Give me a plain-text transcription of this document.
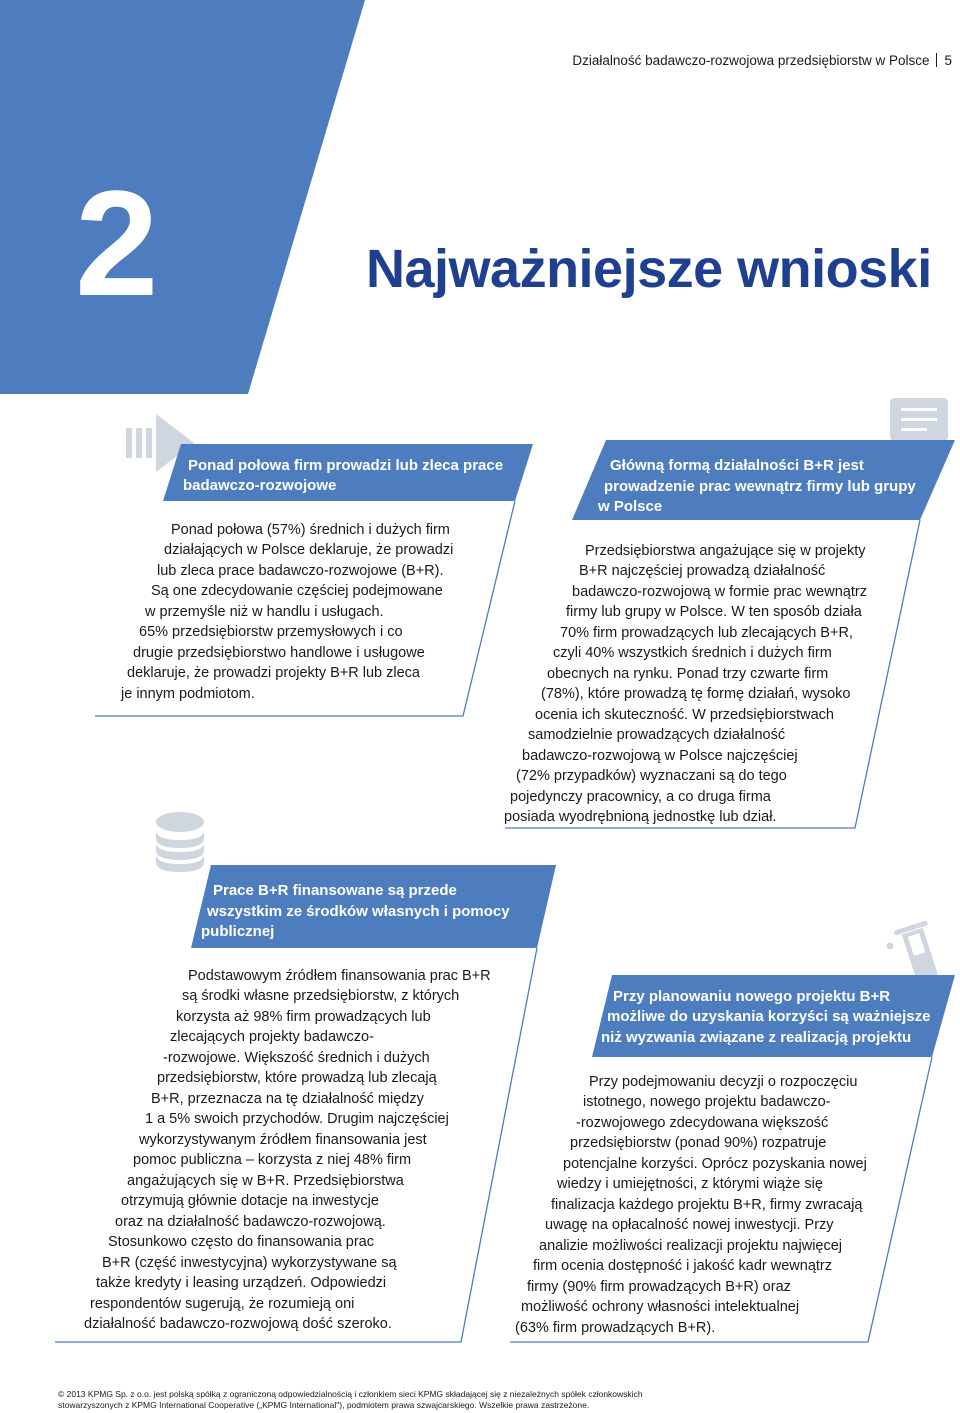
Działalność badawczo-rozwojowa przedsiębiorstw w Polsce 5
2	Najważniejsze wnioski
Ponad połowa firm prowadzi lub zleca prace
badawczo-rozwojowe
Ponad połowa (57%) średnich i dużych firm
działających w Polsce deklaruje, że prowadzi
lub zleca prace badawczo-rozwojowe (B+R).
Są one zdecydowanie częściej podejmowane
w przemyśle niż w handlu i usługach.
65% przedsiębiorstw przemysłowych i co
drugie przedsiębiorstwo handlowe i usługowe
deklaruje, że prowadzi projekty B+R lub zleca
je innym podmiotom.
Główną formą działalności B+R jest
prowadzenie prac wewnątrz firmy lub grupy
w Polsce
Przedsiębiorstwa angażujące się w projekty
B+R najczęściej prowadzą działalność
badawczo-rozwojową w formie prac wewnątrz
firmy lub grupy w Polsce. W ten sposób działa
70% firm prowadzących lub zlecających B+R,
czyli 40% wszystkich średnich i dużych firm
obecnych na rynku. Ponad trzy czwarte firm
(78%), które prowadzą tę formę działań, wysoko
ocenia ich skuteczność. W przedsiębiorstwach
samodzielnie prowadzących działalność
badawczo-rozwojową w Polsce najczęściej
(72% przypadków) wyznaczani są do tego
pojedynczy pracownicy, a co druga firma
posiada wyodrębnioną jednostkę lub dział.
Prace B+R finansowane są przede
wszystkim ze środków własnych i pomocy
publicznej
Podstawowym źródłem finansowania prac B+R
są środki własne przedsiębiorstw, z których
korzysta aż 98% firm prowadzących lub
zlecających projekty badawczo-
-rozwojowe. Większość średnich i dużych
przedsiębiorstw, które prowadzą lub zlecają
B+R, przeznacza na tę działalność między
1 a 5% swoich przychodów. Drugim najczęściej
wykorzystywanym źródłem finansowania jest
pomoc publiczna – korzysta z niej 48% firm
angażujących się w B+R. Przedsiębiorstwa
otrzymują głównie dotacje na inwestycje
oraz na działalność badawczo-rozwojową.
Stosunkowo często do finansowania prac
B+R (część inwestycyjna) wykorzystywane są
także kredyty i leasing urządzeń. Odpowiedzi
respondentów sugerują, że rozumieją oni
działalność badawczo-rozwojową dość szeroko.
Przy planowaniu nowego projektu B+R
możliwe do uzyskania korzyści są ważniejsze
niż wyzwania związane z realizacją projektu
Przy podejmowaniu decyzji o rozpoczęciu
istotnego, nowego projektu badawczo-
-rozwojowego zdecydowana większość
przedsiębiorstw (ponad 90%) rozpatruje
potencjalne korzyści. Oprócz pozyskania nowej
wiedzy i umiejętności, z którymi wiąże się
finalizacja każdego projektu B+R, firmy zwracają
uwagę na opłacalność nowej inwestycji. Przy
analizie możliwości realizacji projektu najwięcej
firm ocenia dostępność i jakość kadr wewnątrz
firmy (90% firm prowadzących B+R) oraz
możliwość ochrony własności intelektualnej
(63% firm prowadzących B+R).
© 2013 KPMG Sp. z o.o. jest polską spółką z ograniczoną odpowiedzialnością i członkiem sieci KPMG składającej się z niezależnych spółek członkowskich
stowarzyszonych z KPMG International Cooperative („KPMG International"), podmiotem prawa szwajcarskiego. Wszelkie prawa zastrzeżone.
